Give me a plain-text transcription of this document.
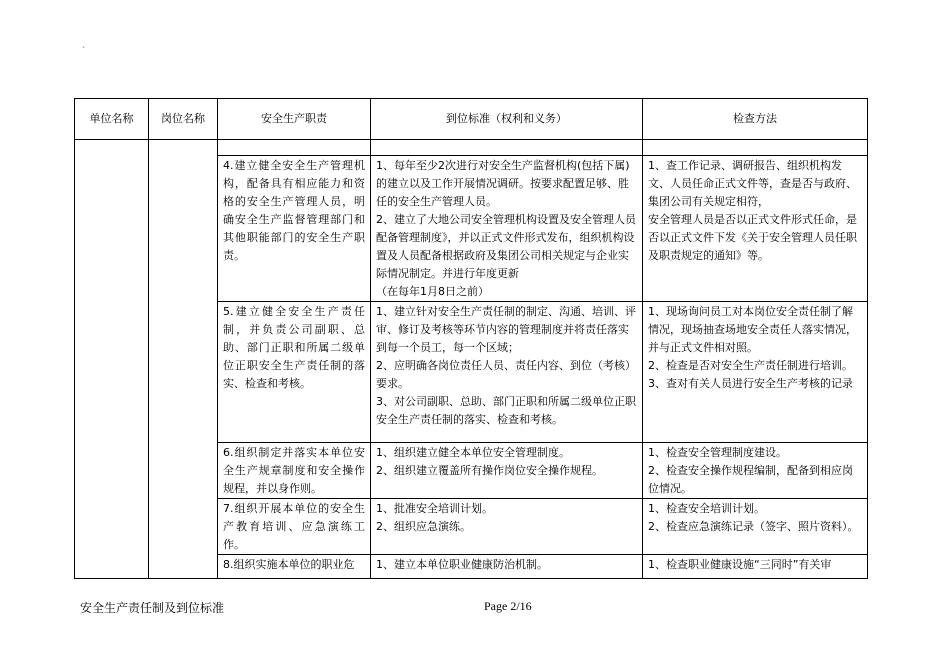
`
单位名称	岗位名称	安全生产职责	到位标准（权利和义务）	检查方法

		4.建立健全安全生产管理机构，配备具有相应能力和资格的安全生产管理人员，明确安全生产监督管理部门和其他职能部门的安全生产职责。	1、每年至少2次进行对安全生产监督机构(包括下属)的建立以及工作开展情况调研。按要求配置足够、胜任的安全生产管理人员。
2、建立了大地公司安全管理机构设置及安全管理人员配备管理制度》，并以正式文件形式发布，组织机构设置及人员配备根据政府及集团公司相关规定与企业实际情况制定。并进行年度更新
（在每年1月8日之前）	1、查工作记录、调研报告、组织机构发文、人员任命正式文件等，查是否与政府、集团公司有关规定相符，
安全管理人员是否以正式文件形式任命，是否以正式文件下发《关于安全管理人员任职及职责规定的通知》等。

		5.建立健全安全生产责任制，并负责公司副职、总助、部门正职和所属二级单位正职安全生产责任制的落实、检查和考核。	1、建立针对安全生产责任制的制定、沟通、培训、评审、修订及考核等环节内容的管理制度并将责任落实到每一个员工，每一个区域；
2、应明确各岗位责任人员、责任内容、到位（考核）要求。
3、对公司副职、总助、部门正职和所属二级单位正职安全生产责任制的落实、检查和考核。	1、现场询问员工对本岗位安全责任制了解情况，现场抽查场地安全责任人落实情况，并与正式文件相对照。
2、检查是否对安全生产责任制进行培训。
3、查对有关人员进行安全生产考核的记录

		6.组织制定并落实本单位安全生产规章制度和安全操作规程，并以身作则。	1、组织建立健全本单位安全管理制度。
2、组织建立覆盖所有操作岗位安全操作规程。	1、检查安全管理制度建设。
2、检查安全操作规程编制，配备到相应岗位情况。

		7.组织开展本单位的安全生产教育培训、应急演练工作。	1、批准安全培训计划。
2、组织应急演练。	1、检查安全培训计划。
2、检查应急演练记录（签字、照片资料）。

		8.组织实施本单位的职业危	1、建立本单位职业健康防治机制。	1、检查职业健康设施“三同时”有关审
安全生产责任制及到位标准	Page 2/16
